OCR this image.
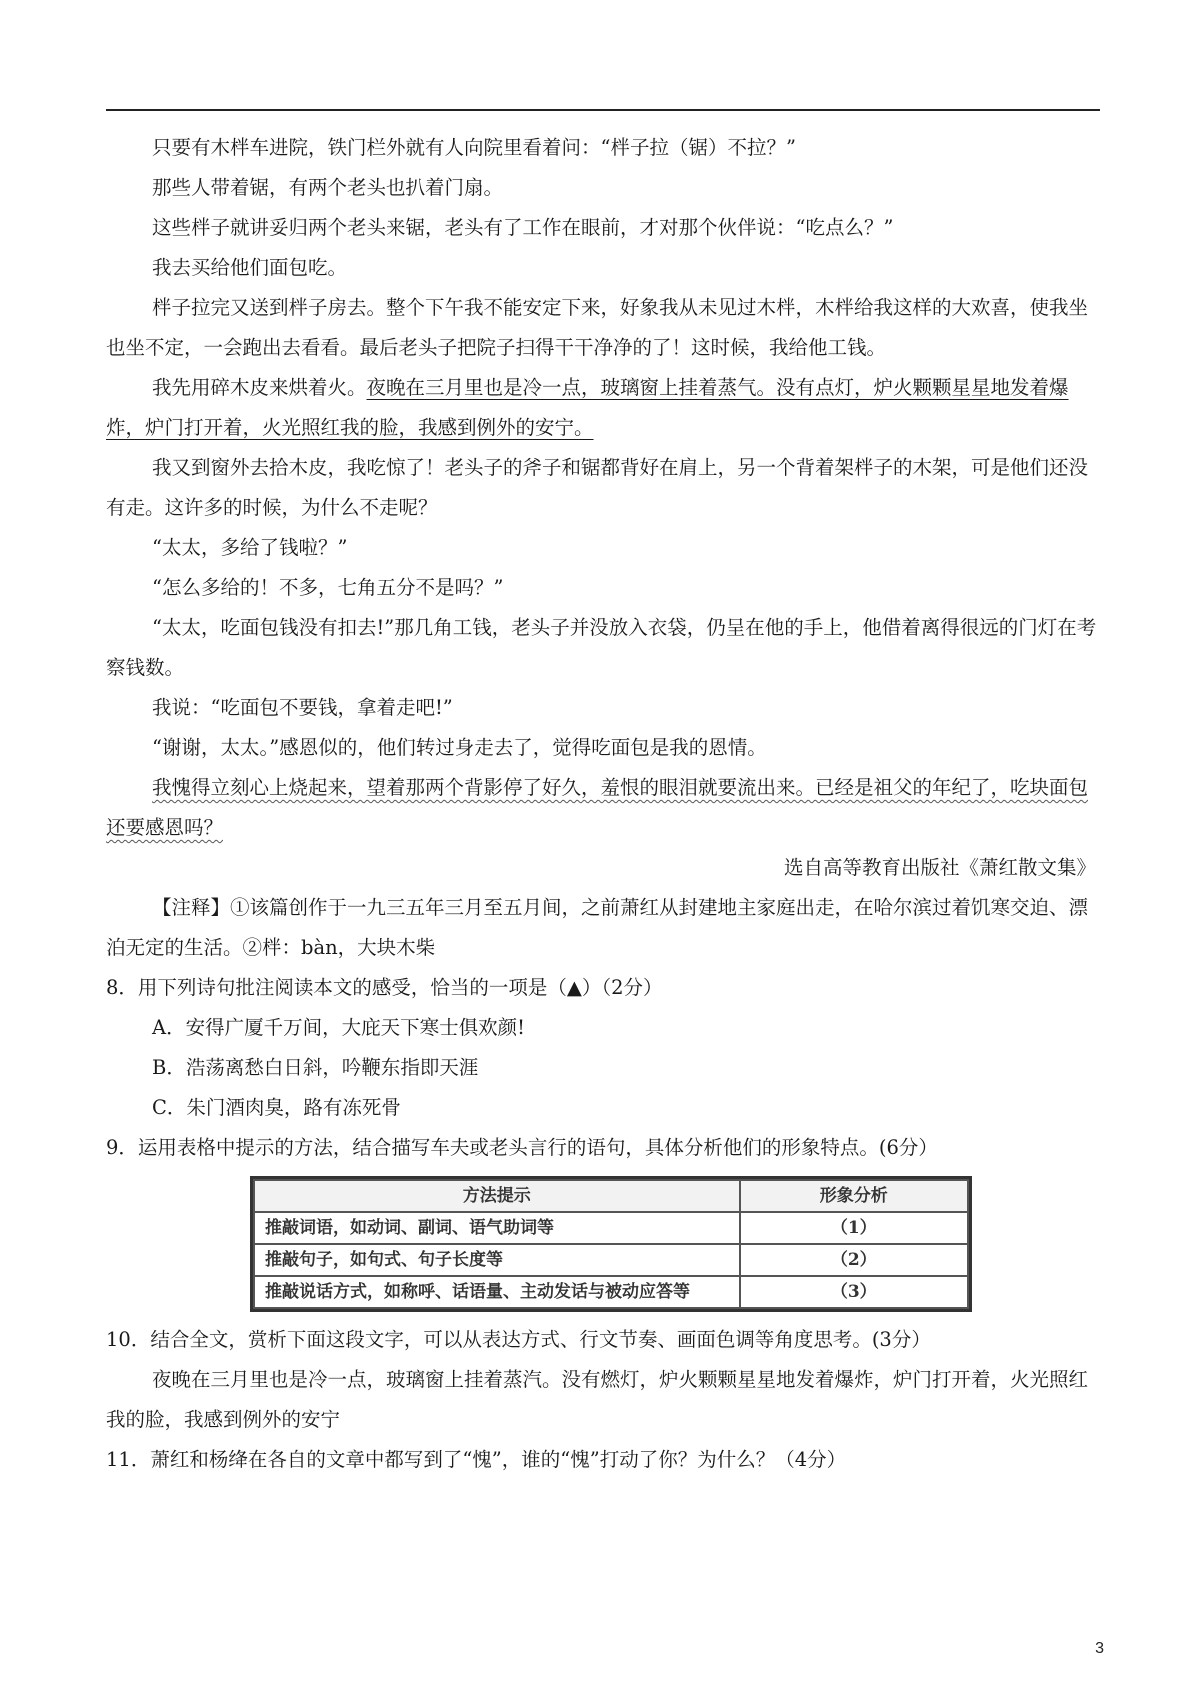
只要有木柈车进院，铁门栏外就有人向院里看着问：“柈子拉（锯）不拉？”

那些人带着锯，有两个老头也扒着门扇。

这些柈子就讲妥归两个老头来锯，老头有了工作在眼前，才对那个伙伴说：“吃点么？”

我去买给他们面包吃。

柈子拉完又送到柈子房去。整个下午我不能安定下来，好象我从未见过木柈，木柈给我这样的大欢喜，使我坐也坐不定，一会跑出去看看。最后老头子把院子扫得干干净净的了！这时候，我给他工钱。

我先用碎木皮来烘着火。夜晚在三月里也是冷一点，玻璃窗上挂着蒸气。没有点灯，炉火颗颗星星地发着爆炸，炉门打开着，火光照红我的脸，我感到例外的安宁。

我又到窗外去拾木皮，我吃惊了！老头子的斧子和锯都背好在肩上，另一个背着架柈子的木架，可是他们还没有走。这许多的时候，为什么不走呢？

“太太，多给了钱啦？”

“怎么多给的！不多，七角五分不是吗？”

“太太，吃面包钱没有扣去!”那几角工钱，老头子并没放入衣袋，仍呈在他的手上，他借着离得很远的门灯在考察钱数。

我说：“吃面包不要钱，拿着走吧!”

“谢谢，太太。”感恩似的，他们转过身走去了，觉得吃面包是我的恩情。

我愧得立刻心上烧起来，望着那两个背影停了好久，羞恨的眼泪就要流出来。已经是祖父的年纪了，吃块面包还要感恩吗？

选自高等教育出版社《萧红散文集》

【注释】①该篇创作于一九三五年三月至五月间，之前萧红从封建地主家庭出走，在哈尔滨过着饥寒交迫、漂泊无定的生活。②柈：bàn，大块木柴

8．用下列诗句批注阅读本文的感受，恰当的一项是（▲）（2分）

A．安得广厦千万间，大庇天下寒士俱欢颜!

B．浩荡离愁白日斜，吟鞭东指即天涯

C．朱门酒肉臭，路有冻死骨

9．运用表格中提示的方法，结合描写车夫或老头言行的语句，具体分析他们的形象特点。(6分）

方法提示	形象分析
推敲词语，如动词、副词、语气助词等	（1）
推敲句子，如句式、句子长度等	（2）
推敲说话方式，如称呼、话语量、主动发话与被动应答等	（3）

10．结合全文，赏析下面这段文字，可以从表达方式、行文节奏、画面色调等角度思考。(3分）

夜晚在三月里也是冷一点，玻璃窗上挂着蒸汽。没有燃灯，炉火颗颗星星地发着爆炸，炉门打开着，火光照红我的脸，我感到例外的安宁

11．萧红和杨绛在各自的文章中都写到了“愧”，谁的“愧”打动了你？为什么？（4分）

3
